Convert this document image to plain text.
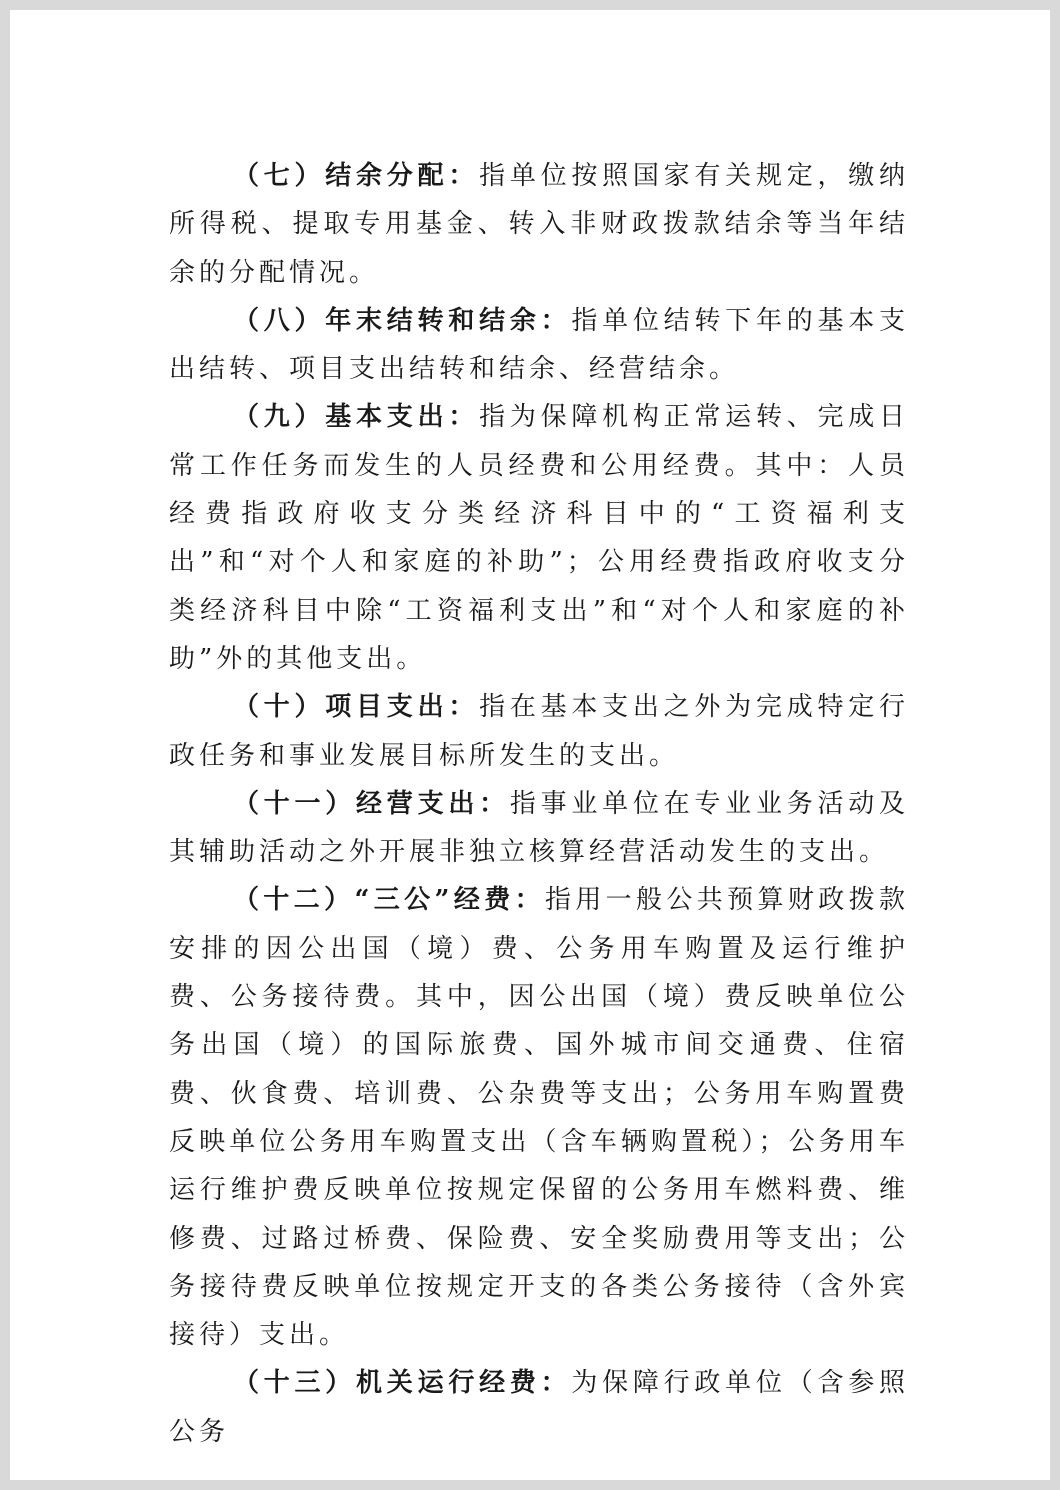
（七）结余分配：指单位按照国家有关规定，缴纳所得税、提取专用基金、转入非财政拨款结余等当年结余的分配情况。

（八）年末结转和结余：指单位结转下年的基本支出结转、项目支出结转和结余、经营结余。

（九）基本支出：指为保障机构正常运转、完成日常工作任务而发生的人员经费和公用经费。其中：人员经费指政府收支分类经济科目中的“工资福利支出”和“对个人和家庭的补助”；公用经费指政府收支分类经济科目中除“工资福利支出”和“对个人和家庭的补助”外的其他支出。

（十）项目支出：指在基本支出之外为完成特定行政任务和事业发展目标所发生的支出。

（十一）经营支出：指事业单位在专业业务活动及其辅助活动之外开展非独立核算经营活动发生的支出。

（十二）“三公”经费：指用一般公共预算财政拨款安排的因公出国（境）费、公务用车购置及运行维护费、公务接待费。其中，因公出国（境）费反映单位公务出国（境）的国际旅费、国外城市间交通费、住宿费、伙食费、培训费、公杂费等支出；公务用车购置费反映单位公务用车购置支出（含车辆购置税）；公务用车运行维护费反映单位按规定保留的公务用车燃料费、维修费、过路过桥费、保险费、安全奖励费用等支出；公务接待费反映单位按规定开支的各类公务接待（含外宾接待）支出。

（十三）机关运行经费：为保障行政单位（含参照公务
